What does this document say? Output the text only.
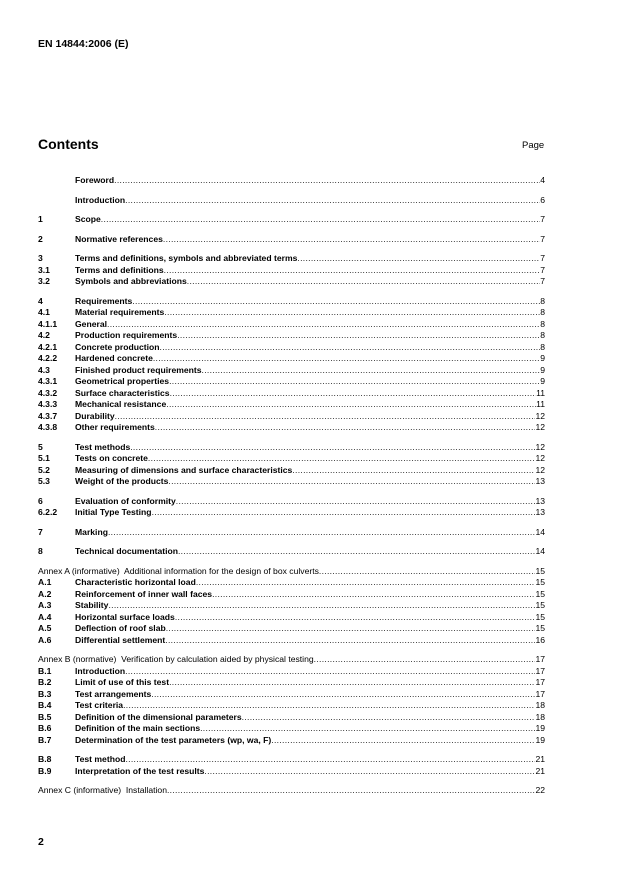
EN 14844:2006 (E)
Contents	Page
Foreword .....	4
Introduction .....	6
1	Scope .....	7
2	Normative references .....	7
3	Terms and definitions, symbols and abbreviated terms .....	7
3.1	Terms and definitions .....	7
3.2	Symbols and abbreviations .....	7
4	Requirements .....	8
4.1	Material requirements .....	8
4.1.1	General .....	8
4.2	Production requirements .....	8
4.2.1	Concrete production .....	8
4.2.2	Hardened concrete .....	9
4.3	Finished product requirements .....	9
4.3.1	Geometrical properties .....	9
4.3.2	Surface characteristics .....	11
4.3.3	Mechanical resistance .....	11
4.3.7	Durability .....	12
4.3.8	Other requirements .....	12
5	Test methods .....	12
5.1	Tests on concrete .....	12
5.2	Measuring of dimensions and surface characteristics .....	12
5.3	Weight of the products .....	13
6	Evaluation of conformity .....	13
6.2.2	Initial Type Testing .....	13
7	Marking .....	14
8	Technical documentation .....	14
Annex A (informative) Additional information for the design of box culverts .....	15
A.1	Characteristic horizontal load .....	15
A.2	Reinforcement of inner wall faces .....	15
A.3	Stability .....	15
A.4	Horizontal surface loads .....	15
A.5	Deflection of roof slab .....	15
A.6	Differential settlement .....	16
Annex B (normative) Verification by calculation aided by physical testing .....	17
B.1	Introduction .....	17
B.2	Limit of use of this test .....	17
B.3	Test arrangements .....	17
B.4	Test criteria .....	18
B.5	Definition of the dimensional parameters .....	18
B.6	Definition of the main sections .....	19
B.7	Determination of the test parameters (wp, wa, F) .....	19
B.8	Test method .....	21
B.9	Interpretation of the test results .....	21
Annex C (informative) Installation .....	22
2
